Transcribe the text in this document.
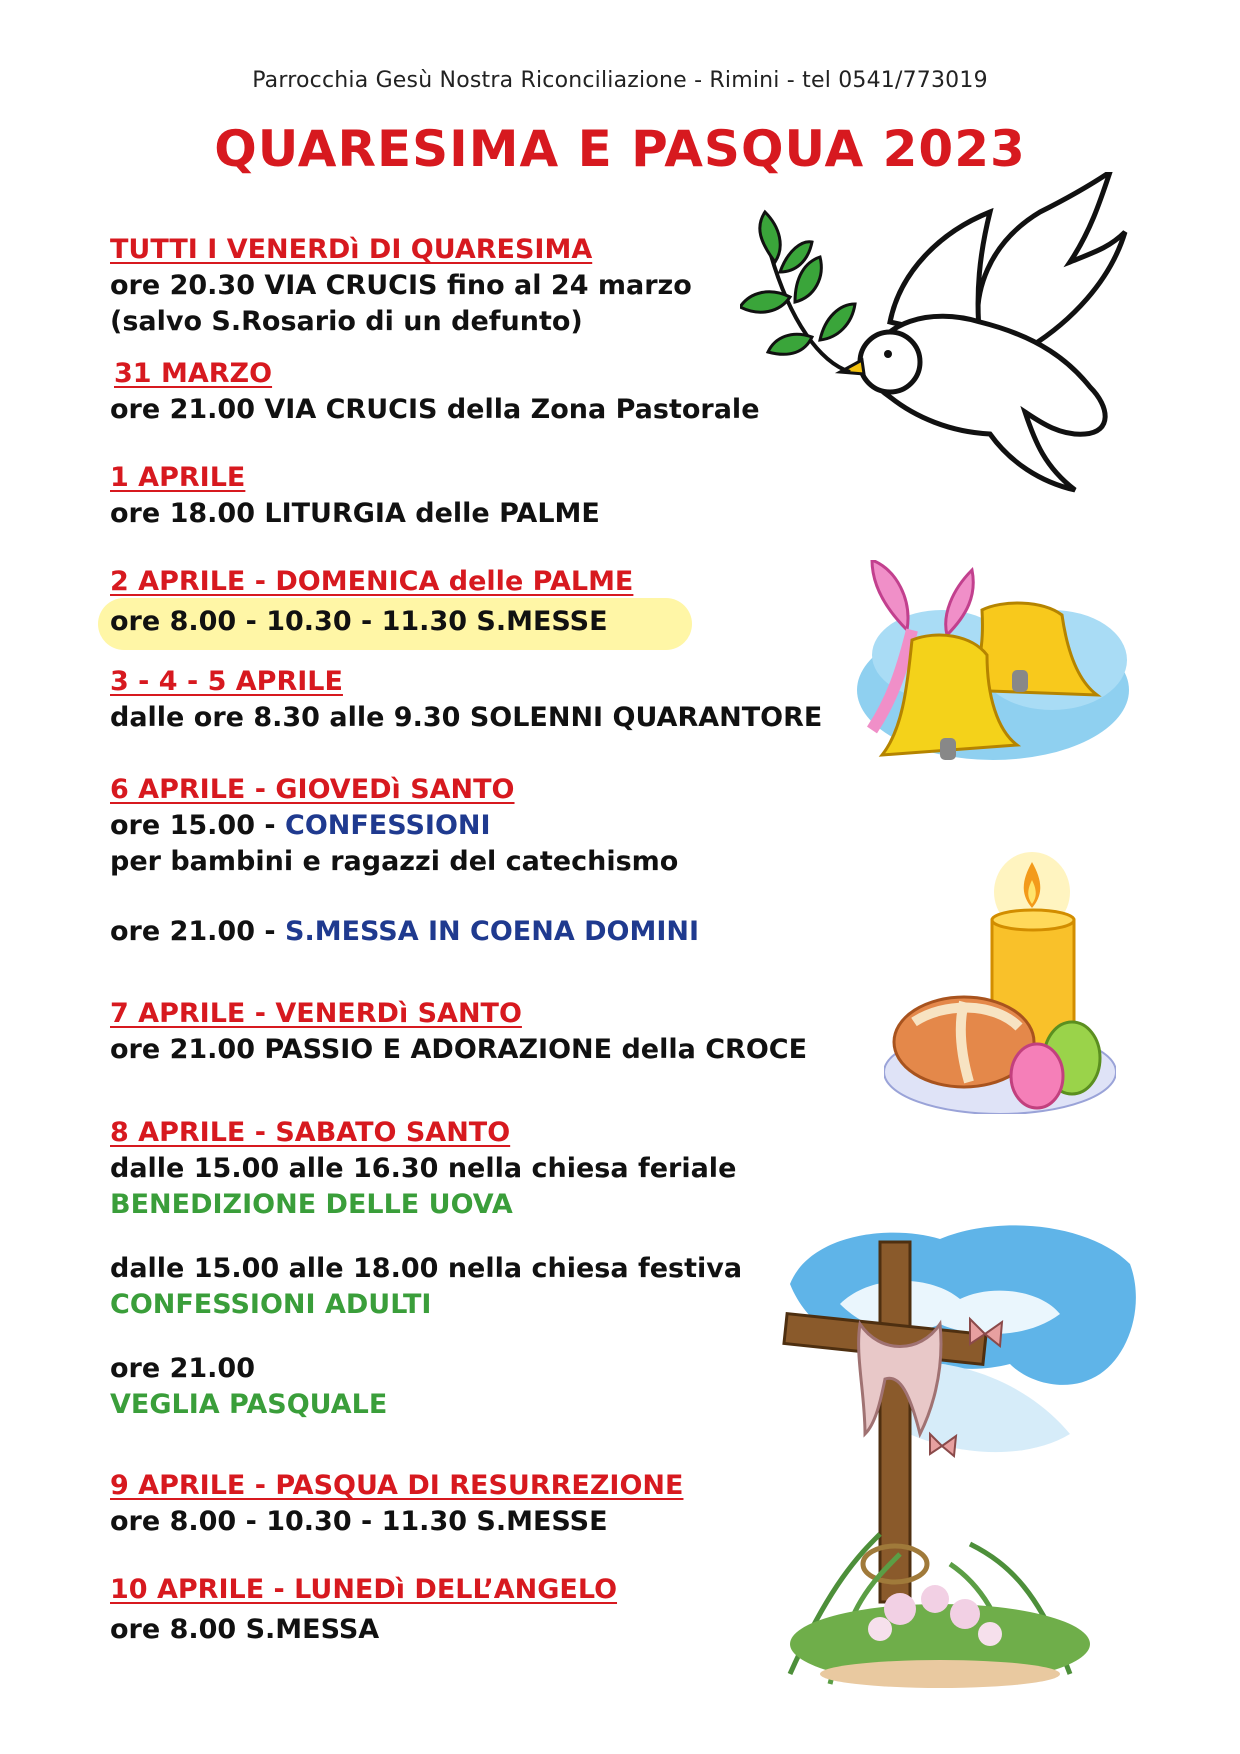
Parrocchia Gesù Nostra Riconciliazione - Rimini - tel 0541/773019
QUARESIMA E PASQUA 2023
TUTTI I VENERDì DI QUARESIMA
ore 20.30 VIA CRUCIS fino al 24 marzo
(salvo S.Rosario di un defunto)
31 MARZO
ore 21.00 VIA CRUCIS della Zona Pastorale
1 APRILE
ore 18.00 LITURGIA delle PALME
2 APRILE - DOMENICA delle PALME
ore 8.00 - 10.30 - 11.30 S.MESSE
3 - 4 - 5 APRILE
dalle ore 8.30 alle 9.30 SOLENNI QUARANTORE
6 APRILE - GIOVEDì SANTO
ore 15.00 - CONFESSIONI
per bambini e ragazzi del catechismo
ore 21.00 - S.MESSA IN COENA DOMINI
7 APRILE - VENERDì SANTO
ore 21.00 PASSIO E ADORAZIONE della CROCE
8 APRILE - SABATO SANTO
dalle 15.00 alle 16.30 nella chiesa feriale
BENEDIZIONE DELLE UOVA
dalle 15.00 alle 18.00 nella chiesa festiva
CONFESSIONI ADULTI
ore 21.00
VEGLIA PASQUALE
9 APRILE - PASQUA DI RESURREZIONE
ore 8.00 - 10.30 - 11.30 S.MESSE
10 APRILE - LUNEDì DELL’ANGELO
ore 8.00 S.MESSA
